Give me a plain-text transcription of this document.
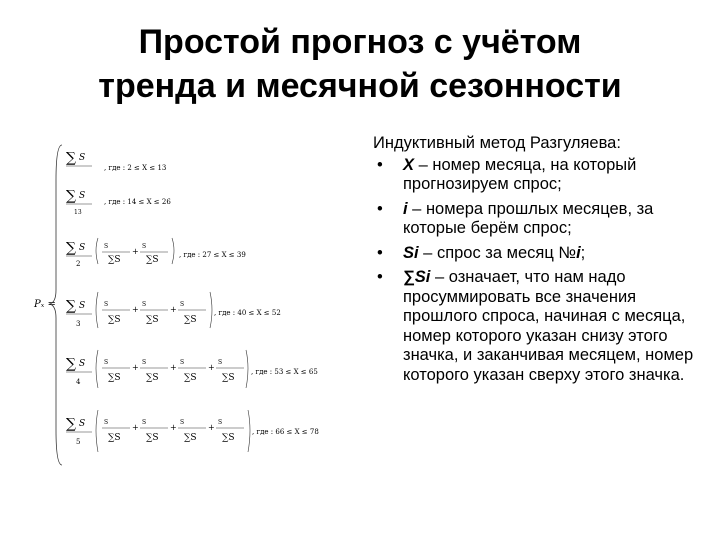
Простой прогноз с учётом
тренда и месячной сезонности
Pₓ =
∑ S
, где : 2 ≤ X ≤ 13
∑ S
13
, где : 14 ≤ X ≤ 26
∑ S
2
S
∑S
+
S
∑S	, где : 27 ≤ X ≤ 39
∑ S
3
S
∑S
+
S
∑S
+
S
∑S
, где : 40 ≤ X ≤ 52
∑ S
4
S
∑S
+
S
∑S
+
S
∑S
+
S
∑S
, где : 53 ≤ X ≤ 65
∑ S
5
S
∑S
+
S
∑S
+
S
∑S
+
S
∑S
, где : 66 ≤ X ≤ 78

Индуктивный метод Разгуляева:

• X – номер месяца, на который прогнозируем спрос;
• i – номера прошлых месяцев, за которые берём спрос;
• Si – спрос за месяц №i;
• ∑Si – означает, что нам надо просуммировать все значения прошлого спроса, начиная с месяца, номер которого указан снизу этого значка, и заканчивая месяцем, номер которого указан сверху этого значка.
